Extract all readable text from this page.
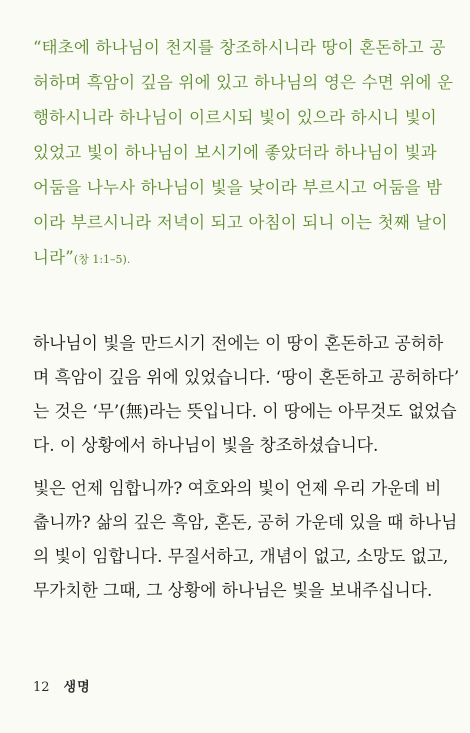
“태초에 하나님이 천지를 창조하시니라 땅이 혼돈하고 공
허하며 흑암이 깊음 위에 있고 하나님의 영은 수면 위에 운
행하시니라 하나님이 이르시되 빛이 있으라 하시니 빛이
있었고 빛이 하나님이 보시기에 좋았더라 하나님이 빛과
어둠을 나누사 하나님이 빛을 낮이라 부르시고 어둠을 밤
이라 부르시니라 저녁이 되고 아침이 되니 이는 첫째 날이
니라”(창 1:1–5).

하나님이 빛을 만드시기 전에는 이 땅이 혼돈하고 공허하
며 흑암이 깊음 위에 있었습니다. ‘땅이 혼돈하고 공허하다’
는 것은 ‘무’(無)라는 뜻입니다. 이 땅에는 아무것도 없었습
다. 이 상황에서 하나님이 빛을 창조하셨습니다.

빛은 언제 임합니까? 여호와의 빛이 언제 우리 가운데 비
춥니까? 삶의 깊은 흑암, 혼돈, 공허 가운데 있을 때 하나님
의 빛이 임합니다. 무질서하고, 개념이 없고, 소망도 없고,
무가치한 그때, 그 상황에 하나님은 빛을 보내주십니다.

12 생명
